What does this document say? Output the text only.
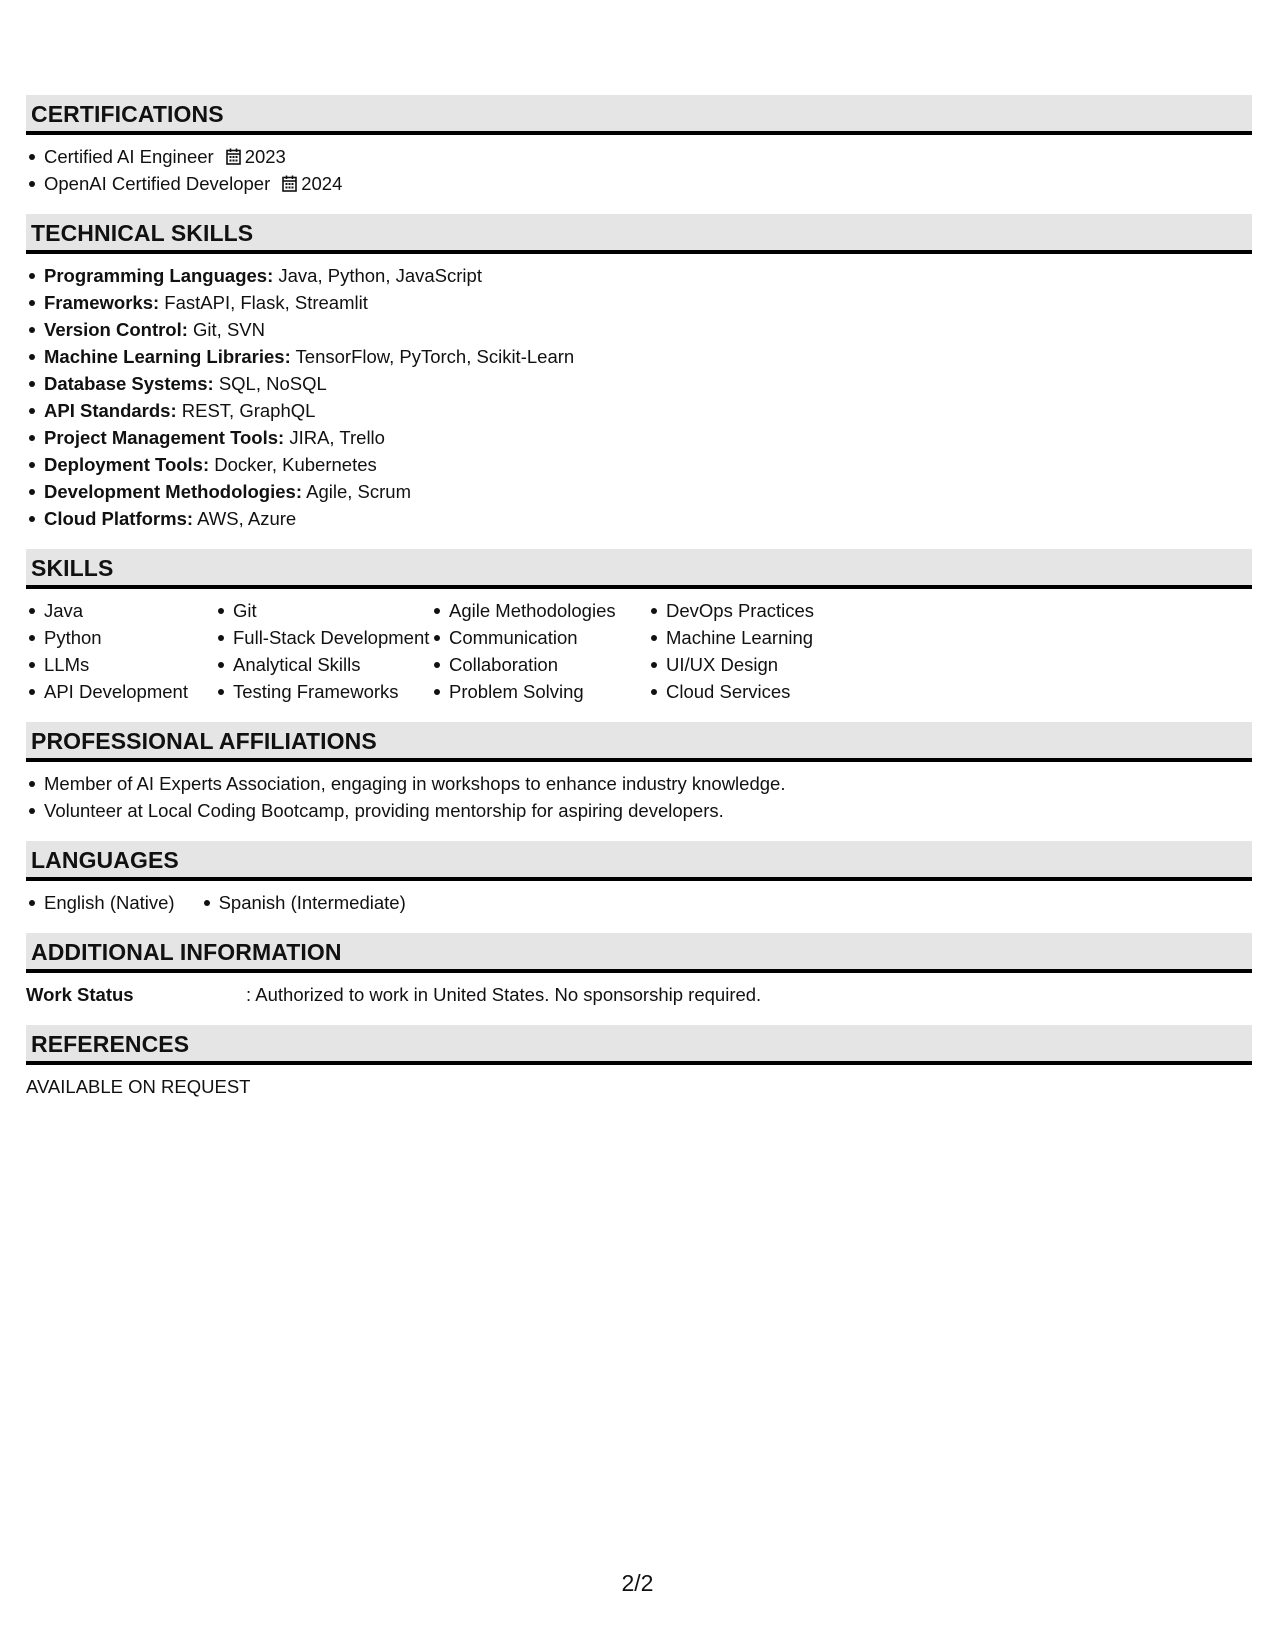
CERTIFICATIONS
Certified AI Engineer 2023
OpenAI Certified Developer 2024
TECHNICAL SKILLS
Programming Languages: Java, Python, JavaScript
Frameworks: FastAPI, Flask, Streamlit
Version Control: Git, SVN
Machine Learning Libraries: TensorFlow, PyTorch, Scikit-Learn
Database Systems: SQL, NoSQL
API Standards: REST, GraphQL
Project Management Tools: JIRA, Trello
Deployment Tools: Docker, Kubernetes
Development Methodologies: Agile, Scrum
Cloud Platforms: AWS, Azure
SKILLS
Java
Python
LLMs
API Development
Git
Full-Stack Development
Analytical Skills
Testing Frameworks
Agile Methodologies
Communication
Collaboration
Problem Solving
DevOps Practices
Machine Learning
UI/UX Design
Cloud Services
PROFESSIONAL AFFILIATIONS
Member of AI Experts Association, engaging in workshops to enhance industry knowledge.
Volunteer at Local Coding Bootcamp, providing mentorship for aspiring developers.
LANGUAGES
English (Native)	Spanish (Intermediate)
ADDITIONAL INFORMATION
Work Status	: Authorized to work in United States. No sponsorship required.
REFERENCES
AVAILABLE ON REQUEST
2/2
